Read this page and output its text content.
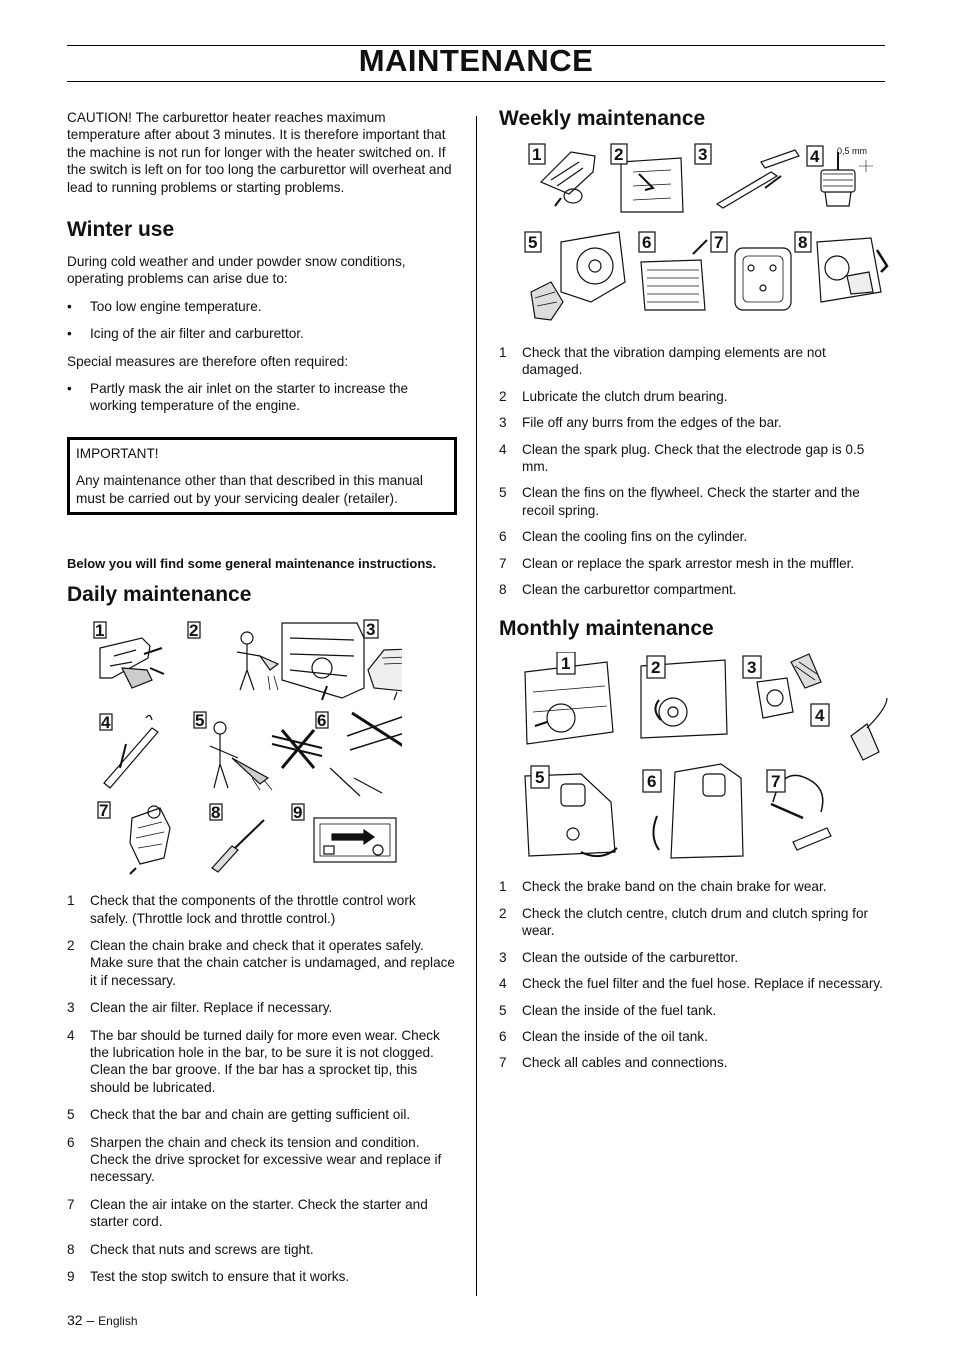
MAINTENANCE

CAUTION! The carburettor heater reaches maximum temperature after about 3 minutes. It is therefore important that the machine is not run for longer with the heater switched on. If the switch is left on for too long the carburettor will overheat and lead to running problems or starting problems.

Winter use

During cold weather and under powder snow conditions, operating problems can arise due to:

• Too low engine temperature.

• Icing of the air filter and carburettor.

Special measures are therefore often required:

• Partly mask the air inlet on the starter to increase the working temperature of the engine.

IMPORTANT!

Any maintenance other than that described in this manual must be carried out by your servicing dealer (retailer).

Below you will find some general maintenance instructions.

Daily maintenance
1	2	3
4	5	6
7	8	9

1 Check that the components of the throttle control work safely. (Throttle lock and throttle control.)

2 Clean the chain brake and check that it operates safely. Make sure that the chain catcher is undamaged, and replace it if necessary.

3 Clean the air filter. Replace if necessary.

4 The bar should be turned daily for more even wear. Check the lubrication hole in the bar, to be sure it is not clogged. Clean the bar groove. If the bar has a sprocket tip, this should be lubricated.

5 Check that the bar and chain are getting sufficient oil.

6 Sharpen the chain and check its tension and condition. Check the drive sprocket for excessive wear and replace if necessary.

7 Clean the air intake on the starter. Check the starter and starter cord.

8 Check that nuts and screws are tight.

9 Test the stop switch to ensure that it works.

Weekly maintenance
1	2	3	4 0,5 mm
5	6	7	8

1 Check that the vibration damping elements are not damaged.

2 Lubricate the clutch drum bearing.

3 File off any burrs from the edges of the bar.

4 Clean the spark plug. Check that the electrode gap is 0.5 mm.

5 Clean the fins on the flywheel. Check the starter and the recoil spring.

6 Clean the cooling fins on the cylinder.

7 Clean or replace the spark arrestor mesh in the muffler.

8 Clean the carburettor compartment.

Monthly maintenance
1	2	3
4
5	6	7

1 Check the brake band on the chain brake for wear.

2 Check the clutch centre, clutch drum and clutch spring for wear.

3 Clean the outside of the carburettor.

4 Check the fuel filter and the fuel hose. Replace if necessary.

5 Clean the inside of the fuel tank.

6 Clean the inside of the oil tank.

7 Check all cables and connections.

32 – English
